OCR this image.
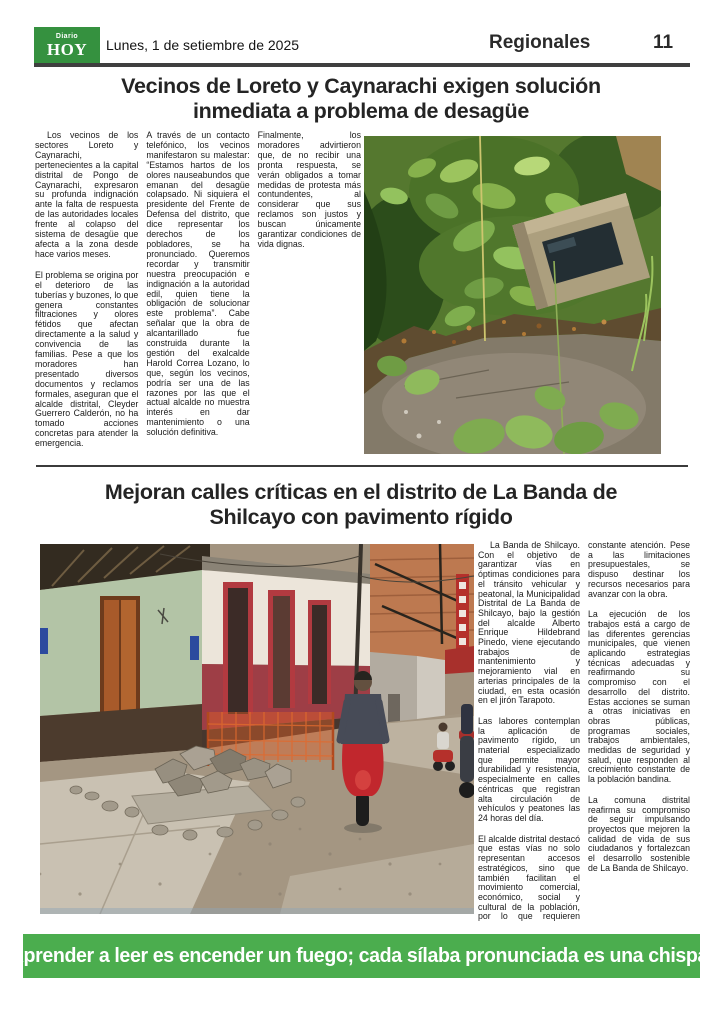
Diario
HOY Lunes, 1 de setiembre de 2025	Regionales	11
Vecinos de Loreto y Caynarachi exigen solución inmediata a problema de desagüe

Los vecinos de los sectores Loreto y Caynarachi, pertenecientes a la capital distrital de Pongo de Caynarachi, expresaron su profunda indignación ante la falta de respuesta de las autoridades locales frente al colapso del sistema de desagüe que afecta a la zona desde hace varios meses.

El problema se origina por el deterioro de las tuberías y buzones, lo que genera constantes filtraciones y olores fétidos que afectan directamente a la salud y convivencia de las familias. Pese a que los moradores han presentado diversos documentos y reclamos formales, aseguran que el alcalde distrital, Cleyder Guerrero Calderón, no ha tomado acciones concretas para atender la emergencia.

A través de un contacto telefónico, los vecinos manifestaron su malestar: “Estamos hartos de los olores nauseabundos que emanan del desagüe colapsado. Ni siquiera el presidente del Frente de Defensa del distrito, que dice representar los derechos de los pobladores, se ha pronunciado. Queremos recordar y transmitir nuestra preocupación e indignación a la autoridad edil, quien tiene la obligación de solucionar este problema”. Cabe señalar que la obra de alcantarillado fue construida durante la gestión del exalcalde Harold Correa Lozano, lo que, según los vecinos, podría ser una de las razones por las que el actual alcalde no muestra interés en dar mantenimiento o una solución definitiva.

Finalmente, los moradores advirtieron que, de no recibir una pronta respuesta, se verán obligados a tomar medidas de protesta más contundentes, al considerar que sus reclamos son justos y buscan únicamente garantizar condiciones de vida dignas.

Mejoran calles críticas en el distrito de La Banda de Shilcayo con pavimento rígido

La Banda de Shilcayo. Con el objetivo de garantizar vías en óptimas condiciones para el tránsito vehicular y peatonal, la Municipalidad Distrital de La Banda de Shilcayo, bajo la gestión del alcalde Alberto Enrique Hildebrand Pinedo, viene ejecutando trabajos de mantenimiento y mejoramiento vial en arterias principales de la ciudad, en esta ocasión en el jirón Tarapoto.

Las labores contemplan la aplicación de pavimento rígido, un material especializado que permite mayor durabilidad y resistencia, especialmente en calles céntricas que registran alta circulación de vehículos y peatones las 24 horas del día.

El alcalde distrital destacó que estas vías no solo representan accesos estratégicos, sino que también facilitan el movimiento comercial, económico, social y cultural de la población, por lo que requieren constante atención. Pese a las limitaciones presupuestales, se dispuso destinar los recursos necesarios para avanzar con la obra.

La ejecución de los trabajos está a cargo de las diferentes gerencias municipales, que vienen aplicando estrategias técnicas adecuadas y reafirmando su compromiso con el desarrollo del distrito. Estas acciones se suman a otras iniciativas en obras públicas, programas sociales, trabajos ambientales, medidas de seguridad y salud, que responden al crecimiento constante de la población bandina.

La comuna distrital reafirma su compromiso de seguir impulsando proyectos que mejoren la calidad de vida de sus ciudadanos y fortalezcan el desarrollo sostenible de La Banda de Shilcayo.

“Aprender a leer es encender un fuego; cada sílaba pronunciada es una chispa”.
